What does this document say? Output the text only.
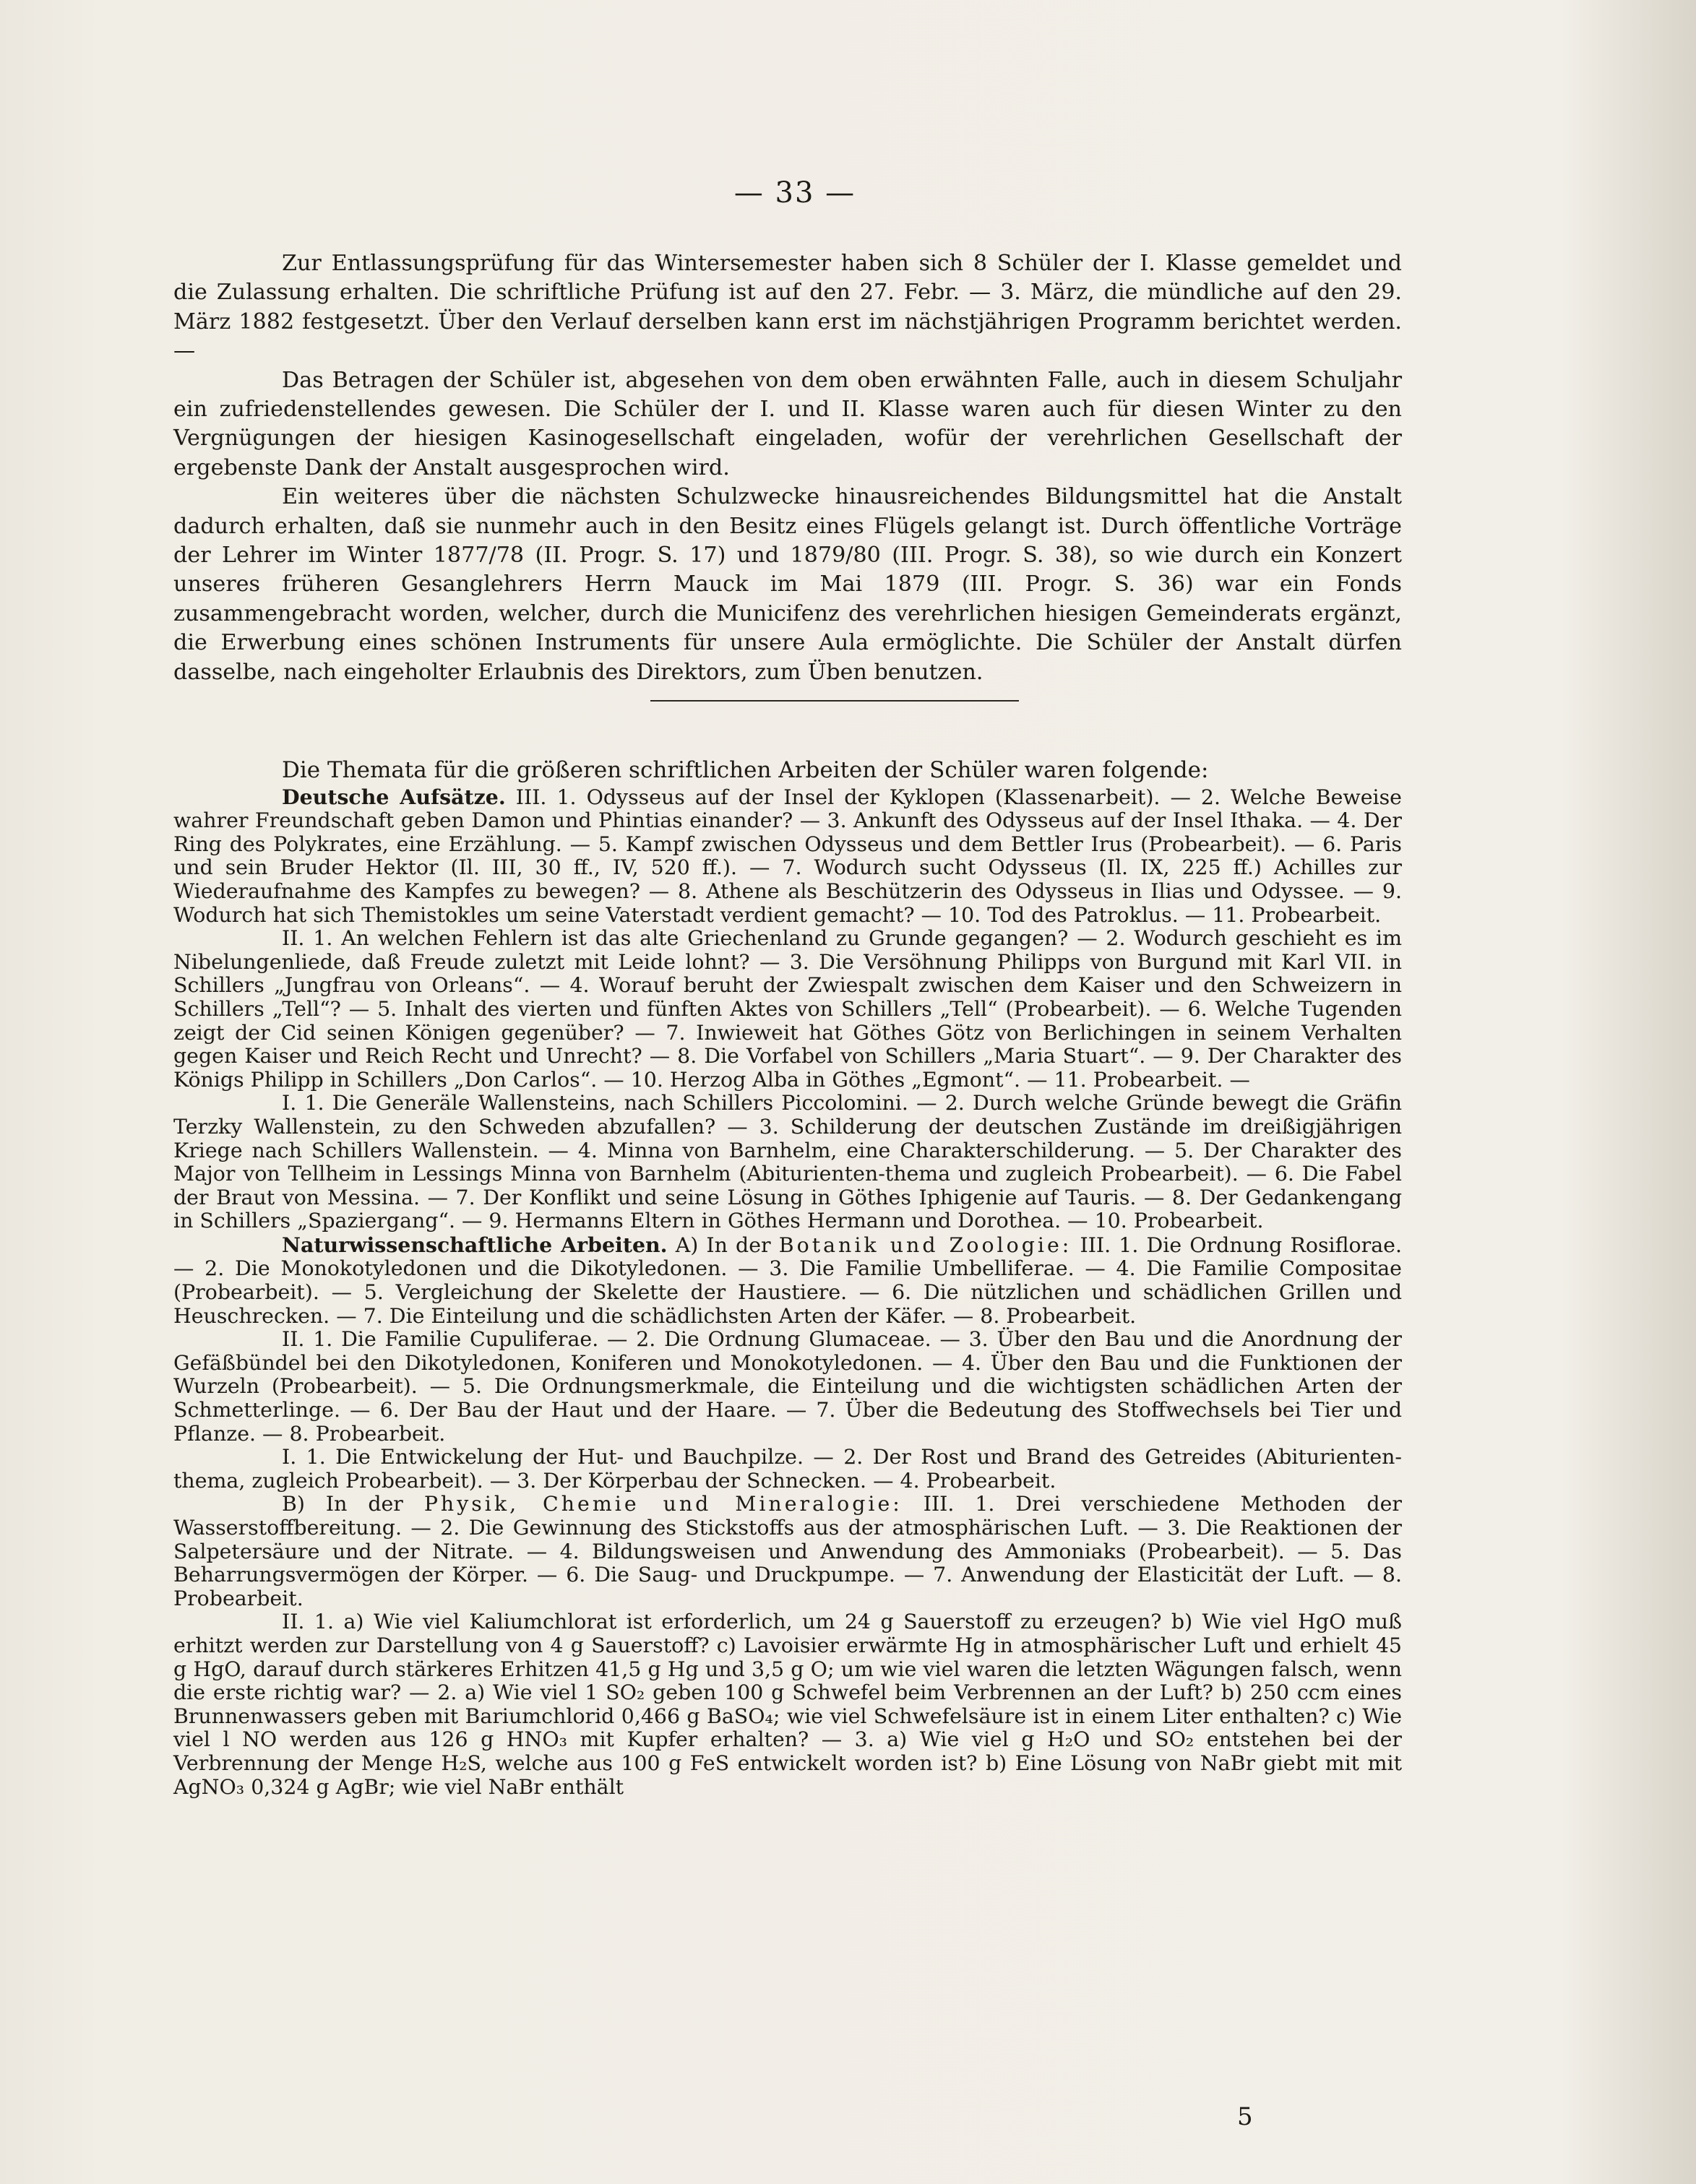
— 33 —

Zur Entlassungsprüfung für das Wintersemester haben sich 8 Schüler der I. Klasse gemeldet und die Zulassung erhalten. Die schriftliche Prüfung ist auf den 27. Febr. — 3. März, die mündliche auf den 29. März 1882 festgesetzt. Über den Verlauf derselben kann erst im nächstjährigen Programm berichtet werden. —

Das Betragen der Schüler ist, abgesehen von dem oben erwähnten Falle, auch in diesem Schuljahr ein zufriedenstellendes gewesen. Die Schüler der I. und II. Klasse waren auch für diesen Winter zu den Vergnügungen der hiesigen Kasinogesellschaft eingeladen, wofür der verehrlichen Gesellschaft der ergebenste Dank der Anstalt ausgesprochen wird.

Ein weiteres über die nächsten Schulzwecke hinausreichendes Bildungsmittel hat die Anstalt dadurch erhalten, daß sie nunmehr auch in den Besitz eines Flügels gelangt ist. Durch öffentliche Vorträge der Lehrer im Winter 1877/78 (II. Progr. S. 17) und 1879/80 (III. Progr. S. 38), so wie durch ein Konzert unseres früheren Gesanglehrers Herrn Mauck im Mai 1879 (III. Progr. S. 36) war ein Fonds zusammengebracht worden, welcher, durch die Municifenz des verehrlichen hiesigen Gemeinderats ergänzt, die Erwerbung eines schönen Instruments für unsere Aula ermöglichte. Die Schüler der Anstalt dürfen dasselbe, nach eingeholter Erlaubnis des Direktors, zum Üben benutzen.

Die Themata für die größeren schriftlichen Arbeiten der Schüler waren folgende:

Deutsche Aufsätze. III. 1. Odysseus auf der Insel der Kyklopen (Klassenarbeit). — 2. Welche Beweise wahrer Freundschaft geben Damon und Phintias einander? — 3. Ankunft des Odysseus auf der Insel Ithaka. — 4. Der Ring des Polykrates, eine Erzählung. — 5. Kampf zwischen Odysseus und dem Bettler Irus (Probearbeit). — 6. Paris und sein Bruder Hektor (Il. III, 30 ff., IV, 520 ff.). — 7. Wodurch sucht Odysseus (Il. IX, 225 ff.) Achilles zur Wiederaufnahme des Kampfes zu bewegen? — 8. Athene als Beschützerin des Odysseus in Ilias und Odyssee. — 9. Wodurch hat sich Themistokles um seine Vaterstadt verdient gemacht? — 10. Tod des Patroklus. — 11. Probearbeit.

II. 1. An welchen Fehlern ist das alte Griechenland zu Grunde gegangen? — 2. Wodurch geschieht es im Nibelungenliede, daß Freude zuletzt mit Leide lohnt? — 3. Die Versöhnung Philipps von Burgund mit Karl VII. in Schillers „Jungfrau von Orleans“. — 4. Worauf beruht der Zwiespalt zwischen dem Kaiser und den Schweizern in Schillers „Tell“? — 5. Inhalt des vierten und fünften Aktes von Schillers „Tell“ (Probearbeit). — 6. Welche Tugenden zeigt der Cid seinen Königen gegenüber? — 7. Inwieweit hat Göthes Götz von Berlichingen in seinem Verhalten gegen Kaiser und Reich Recht und Unrecht? — 8. Die Vorfabel von Schillers „Maria Stuart“. — 9. Der Charakter des Königs Philipp in Schillers „Don Carlos“. — 10. Herzog Alba in Göthes „Egmont“. — 11. Probearbeit. —

I. 1. Die Generäle Wallensteins, nach Schillers Piccolomini. — 2. Durch welche Gründe bewegt die Gräfin Terzky Wallenstein, zu den Schweden abzufallen? — 3. Schilderung der deutschen Zustände im dreißigjährigen Kriege nach Schillers Wallenstein. — 4. Minna von Barnhelm, eine Charakterschilderung. — 5. Der Charakter des Major von Tellheim in Lessings Minna von Barnhelm (Abiturienten-thema und zugleich Probearbeit). — 6. Die Fabel der Braut von Messina. — 7. Der Konflikt und seine Lösung in Göthes Iphigenie auf Tauris. — 8. Der Gedankengang in Schillers „Spaziergang“. — 9. Hermanns Eltern in Göthes Hermann und Dorothea. — 10. Probearbeit.

Naturwissenschaftliche Arbeiten. A) In der Botanik und Zoologie: III. 1. Die Ordnung Rosiflorae. — 2. Die Monokotyledonen und die Dikotyledonen. — 3. Die Familie Umbelliferae. — 4. Die Familie Compositae (Probearbeit). — 5. Vergleichung der Skelette der Haustiere. — 6. Die nützlichen und schädlichen Grillen und Heuschrecken. — 7. Die Einteilung und die schädlichsten Arten der Käfer. — 8. Probearbeit.

II. 1. Die Familie Cupuliferae. — 2. Die Ordnung Glumaceae. — 3. Über den Bau und die Anordnung der Gefäßbündel bei den Dikotyledonen, Koniferen und Monokotyledonen. — 4. Über den Bau und die Funktionen der Wurzeln (Probearbeit). — 5. Die Ordnungsmerkmale, die Einteilung und die wichtigsten schädlichen Arten der Schmetterlinge. — 6. Der Bau der Haut und der Haare. — 7. Über die Bedeutung des Stoffwechsels bei Tier und Pflanze. — 8. Probearbeit.

I. 1. Die Entwickelung der Hut- und Bauchpilze. — 2. Der Rost und Brand des Getreides (Abiturienten-thema, zugleich Probearbeit). — 3. Der Körperbau der Schnecken. — 4. Probearbeit.

B) In der Physik, Chemie und Mineralogie: III. 1. Drei verschiedene Methoden der Wasserstoffbereitung. — 2. Die Gewinnung des Stickstoffs aus der atmosphärischen Luft. — 3. Die Reaktionen der Salpetersäure und der Nitrate. — 4. Bildungsweisen und Anwendung des Ammoniaks (Probearbeit). — 5. Das Beharrungsvermögen der Körper. — 6. Die Saug- und Druckpumpe. — 7. Anwendung der Elasticität der Luft. — 8. Probearbeit.

II. 1. a) Wie viel Kaliumchlorat ist erforderlich, um 24 g Sauerstoff zu erzeugen? b) Wie viel HgO muß erhitzt werden zur Darstellung von 4 g Sauerstoff? c) Lavoisier erwärmte Hg in atmosphärischer Luft und erhielt 45 g HgO, darauf durch stärkeres Erhitzen 41,5 g Hg und 3,5 g O; um wie viel waren die letzten Wägungen falsch, wenn die erste richtig war? — 2. a) Wie viel 1 SO₂ geben 100 g Schwefel beim Verbrennen an der Luft? b) 250 ccm eines Brunnenwassers geben mit Bariumchlorid 0,466 g BaSO₄; wie viel Schwefelsäure ist in einem Liter enthalten? c) Wie viel l NO werden aus 126 g HNO₃ mit Kupfer erhalten? — 3. a) Wie viel g H₂O und SO₂ entstehen bei der Verbrennung der Menge H₂S, welche aus 100 g FeS entwickelt worden ist? b) Eine Lösung von NaBr giebt mit mit AgNO₃ 0,324 g AgBr; wie viel NaBr enthält

5
